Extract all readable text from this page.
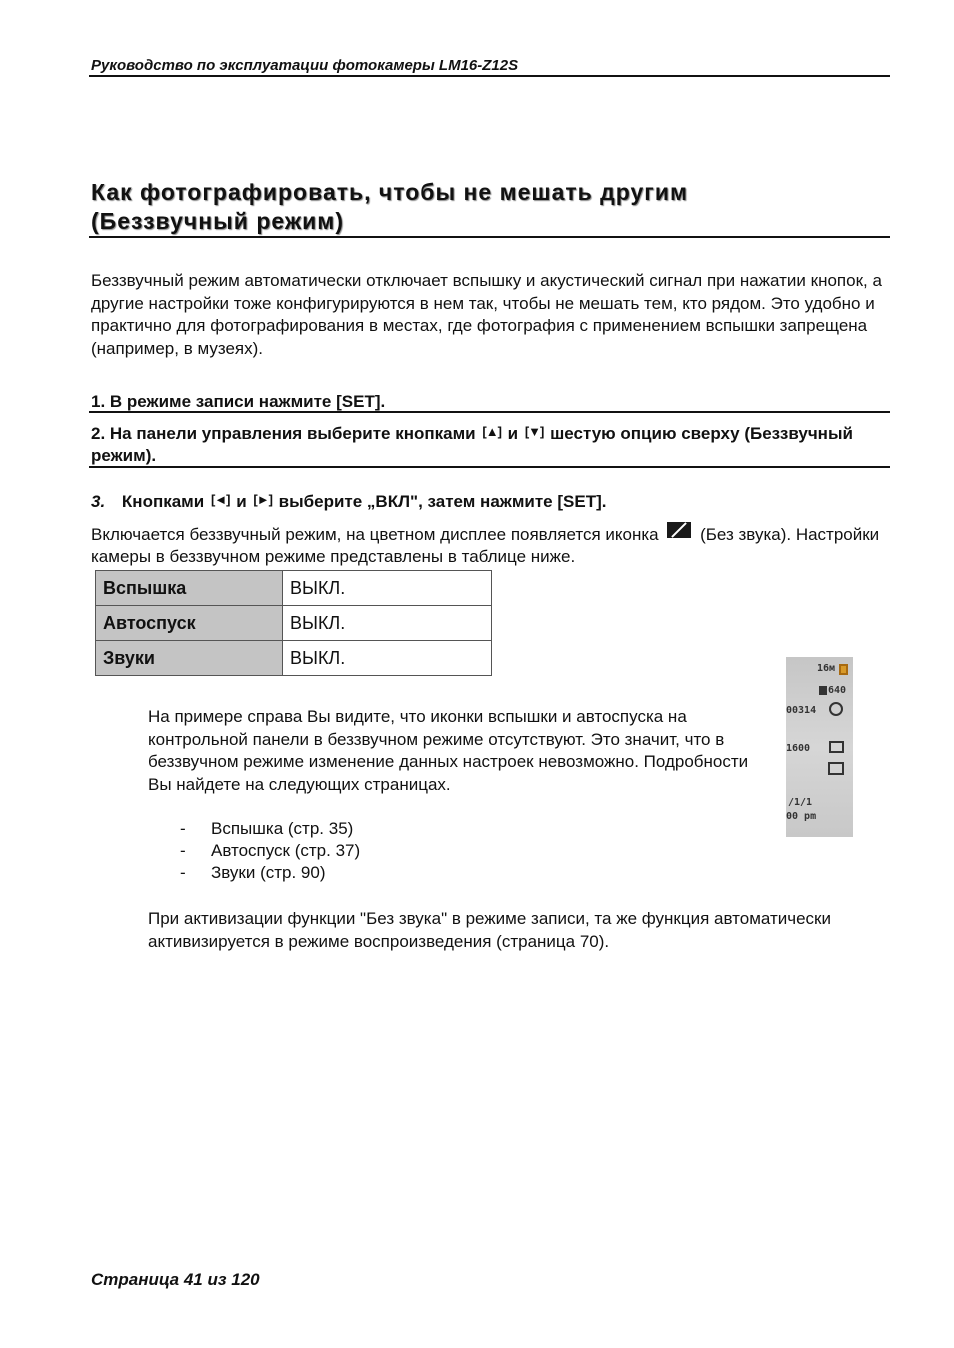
Руководство по эксплуатации фотокамеры LM16-Z12S
Как фотографировать, чтобы не мешать другим
(Беззвучный режим)
Беззвучный режим автоматически отключает вспышку и акустический сигнал при нажатии кнопок, а другие настройки тоже конфигурируются в нем так, чтобы не мешать тем, кто рядом. Это удобно и практично для фотографирования в местах, где фотография с применением вспышки запрещена (например, в музеях).
1. В режиме записи нажмите [SET].
2. На панели управления выберите кнопками [▲] и [▼] шестую опцию сверху (Беззвучный режим).
3. Кнопками [◄] и [►] выберите „ВКЛ", затем нажмите [SET].
Включается беззвучный режим, на цветном дисплее появляется иконка (Без звука). Настройки камеры в беззвучном режиме представлены в таблице ниже.
Вспышка	ВЫКЛ.
Автоспуск	ВЫКЛ.
Звуки	ВЫКЛ.
16м
640
00314
1600
/1/1
00 pm
На примере справа Вы видите, что иконки вспышки и автоспуска на контрольной панели в беззвучном режиме отсутствуют. Это значит, что в беззвучном режиме изменение данных настроек невозможно. Подробности Вы найдете на следующих страницах.
- Вспышка (стр. 35)
- Автоспуск (стр. 37)
- Звуки (стр. 90)
При активизации функции "Без звука" в режиме записи, та же функция автоматически активизируется в режиме воспроизведения (страница 70).
Страница 41 из 120
